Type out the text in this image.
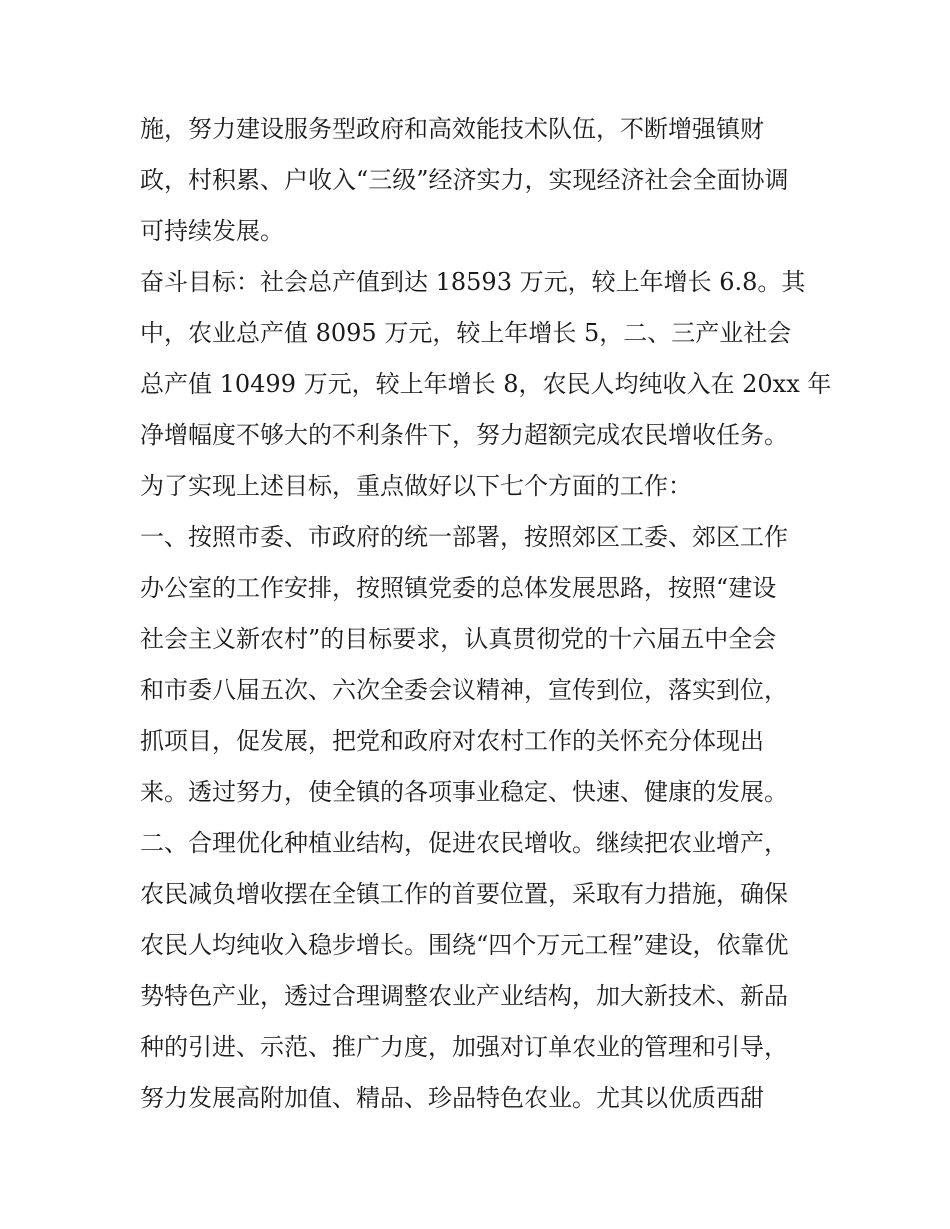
施，努力建设服务型政府和高效能技术队伍，不断增强镇财
政，村积累、户收入“三级”经济实力，实现经济社会全面协调
可持续发展。
奋斗目标：社会总产值到达 18593 万元，较上年增长 6.8。其
中，农业总产值 8095 万元，较上年增长 5，二、三产业社会
总产值 10499 万元，较上年增长 8，农民人均纯收入在 20xx 年
净增幅度不够大的不利条件下，努力超额完成农民增收任务。
为了实现上述目标，重点做好以下七个方面的工作：
一、按照市委、市政府的统一部署，按照郊区工委、郊区工作
办公室的工作安排，按照镇党委的总体发展思路，按照“建设
社会主义新农村”的目标要求，认真贯彻党的十六届五中全会
和市委八届五次、六次全委会议精神，宣传到位，落实到位，
抓项目，促发展，把党和政府对农村工作的关怀充分体现出
来。透过努力，使全镇的各项事业稳定、快速、健康的发展。
二、合理优化种植业结构，促进农民增收。继续把农业增产，
农民减负增收摆在全镇工作的首要位置，采取有力措施，确保
农民人均纯收入稳步增长。围绕“四个万元工程”建设，依靠优
势特色产业，透过合理调整农业产业结构，加大新技术、新品
种的引进、示范、推广力度，加强对订单农业的管理和引导，
努力发展高附加值、精品、珍品特色农业。尤其以优质西甜
